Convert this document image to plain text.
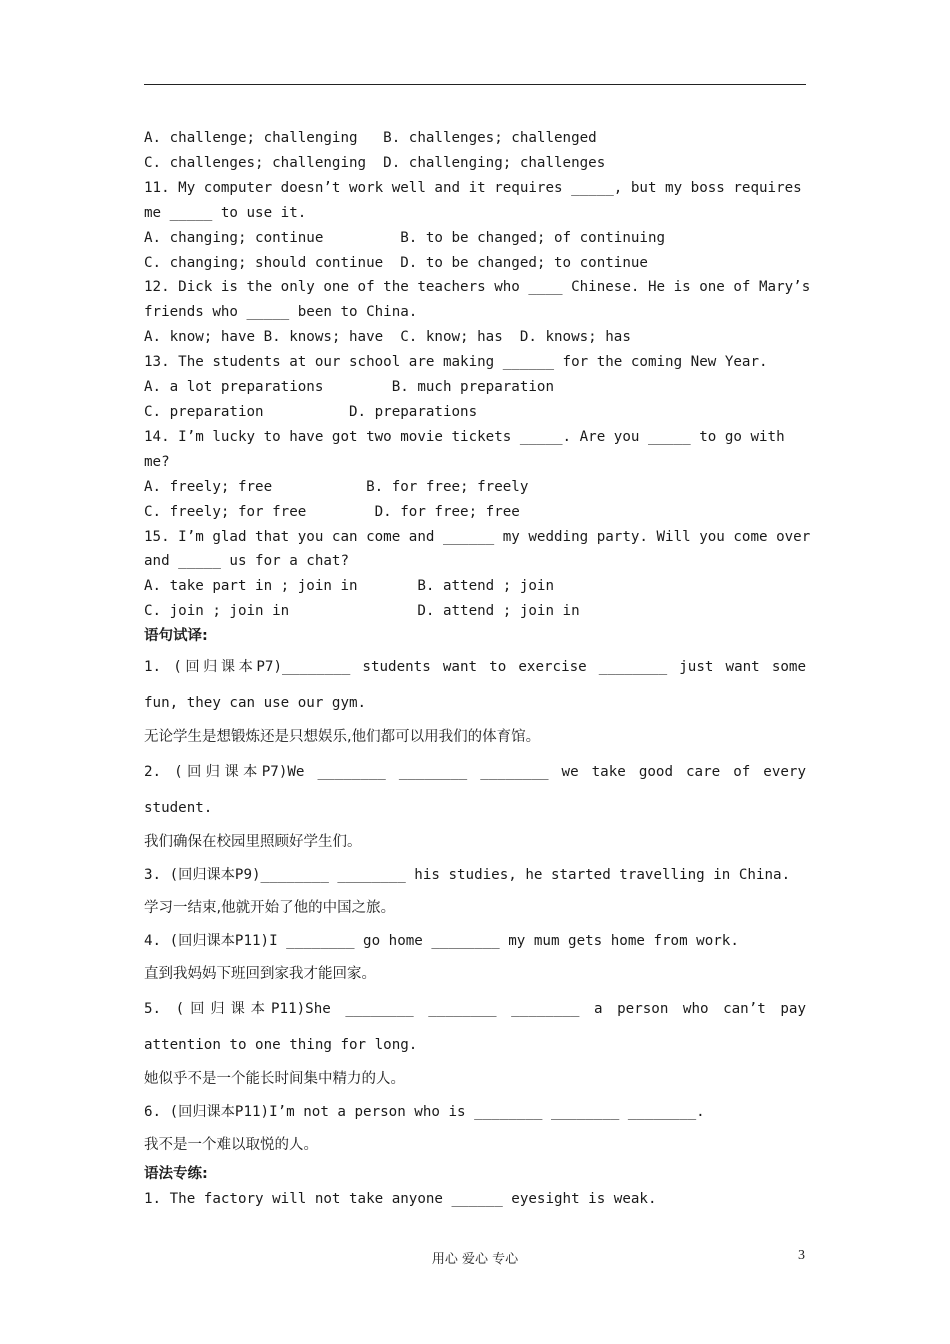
A. challenge; challenging   B. challenges; challenged
C. challenges; challenging  D. challenging; challenges
11. My computer doesn’t work well and it requires _____, but my boss requires
me _____ to use it.
A. changing; continue         B. to be changed; of continuing
C. changing; should continue  D. to be changed; to continue
12. Dick is the only one of the teachers who ____ Chinese. He is one of Mary’s
friends who _____ been to China.
A. know; have B. knows; have  C. know; has  D. knows; has
13. The students at our school are making ______ for the coming New Year.
A. a lot preparations        B. much preparation
C. preparation          D. preparations
14. I’m lucky to have got two movie tickets _____. Are you _____ to go with
me?
A. freely; free           B. for free; freely
C. freely; for free        D. for free; free
15. I’m glad that you can come and ______ my wedding party. Will you come over
and _____ us for a chat?
A. take part in ; join in       B. attend ; join
C. join ; join in               D. attend ; join in
语句试译:
1. (回归课本P7)________ students want to exercise ________ just want some
fun, they can use our gym.
无论学生是想锻炼还是只想娱乐,他们都可以用我们的体育馆。
2. (回归课本P7)We ________ ________ ________ we take good care of every
student.
我们确保在校园里照顾好学生们。
3. (回归课本P9)________ ________ his studies, he started travelling in China.
学习一结束,他就开始了他的中国之旅。
4. (回归课本P11)I ________ go home ________ my mum gets home from work.
直到我妈妈下班回到家我才能回家。
5. (回归课本P11)She ________ ________ ________ a person who can’t pay
attention to one thing for long.
她似乎不是一个能长时间集中精力的人。
6. (回归课本P11)I’m not a person who is ________ ________ ________.
我不是一个难以取悦的人。
语法专练:
1. The factory will not take anyone ______ eyesight is weak.
用心 爱心 专心	3
